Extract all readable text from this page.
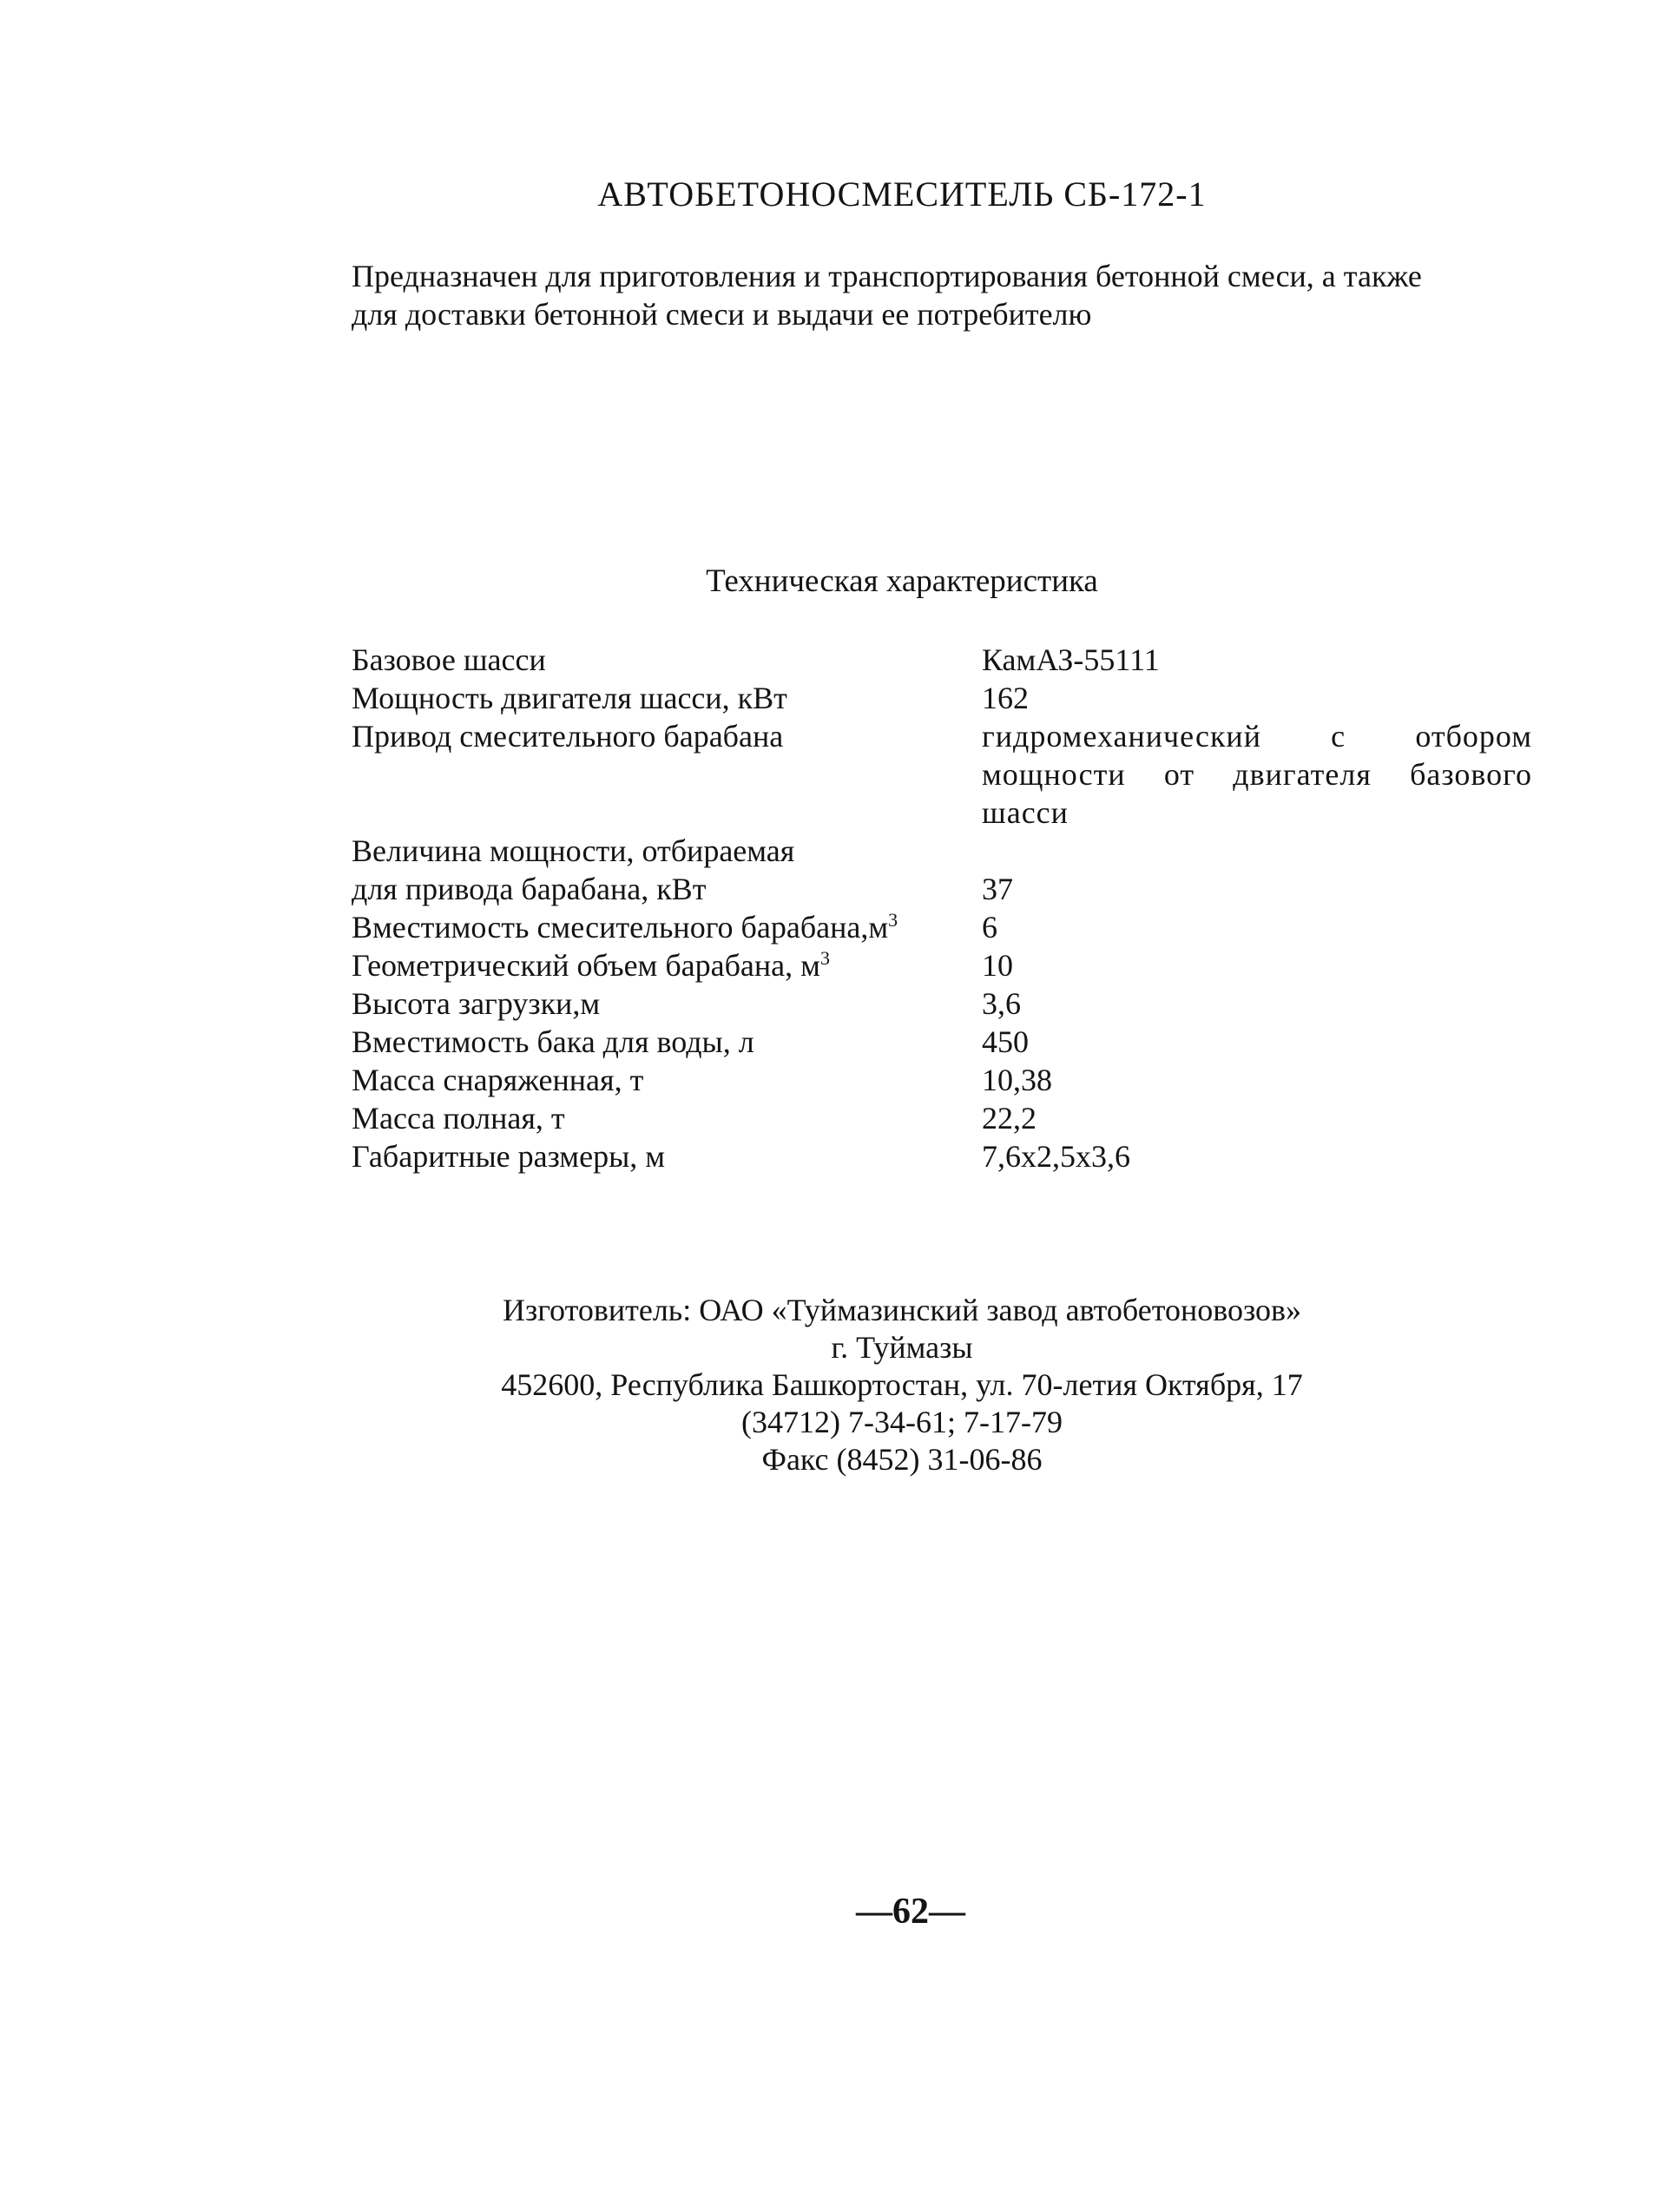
АВТОБЕТОНОСМЕСИТЕЛЬ СБ-172-1
Предназначен для приготовления и транспортирования бетонной смеси, а также
для доставки бетонной смеси и выдачи ее потребителю
Техническая характеристика
Базовое шасси	КамАЗ-55111
Мощность двигателя шасси, кВт	162
Привод смесительного барабана	гидромеханический с отбором мощности от двигателя базового шасси
Величина мощности, отбираемая
для привода барабана, кВт	37
Вместимость смесительного $барабана,м^3$	6
Геометрический объем барабана, $м^3$	10
Высота загрузки,м	3,6
Вместимость бака для воды, л	450
Масса снаряженная, т	10,38
Масса полная, т	22,2
Габаритные размеры, м	7,6х2,5х3,6
Изготовитель: ОАО «Туймазинский завод автобетоновозов»
г. Туймазы
452600, Республика Башкортостан, ул. 70-летия Октября, 17
(34712) 7-34-61; 7-17-79
Факс (8452) 31-06-86
—62—
